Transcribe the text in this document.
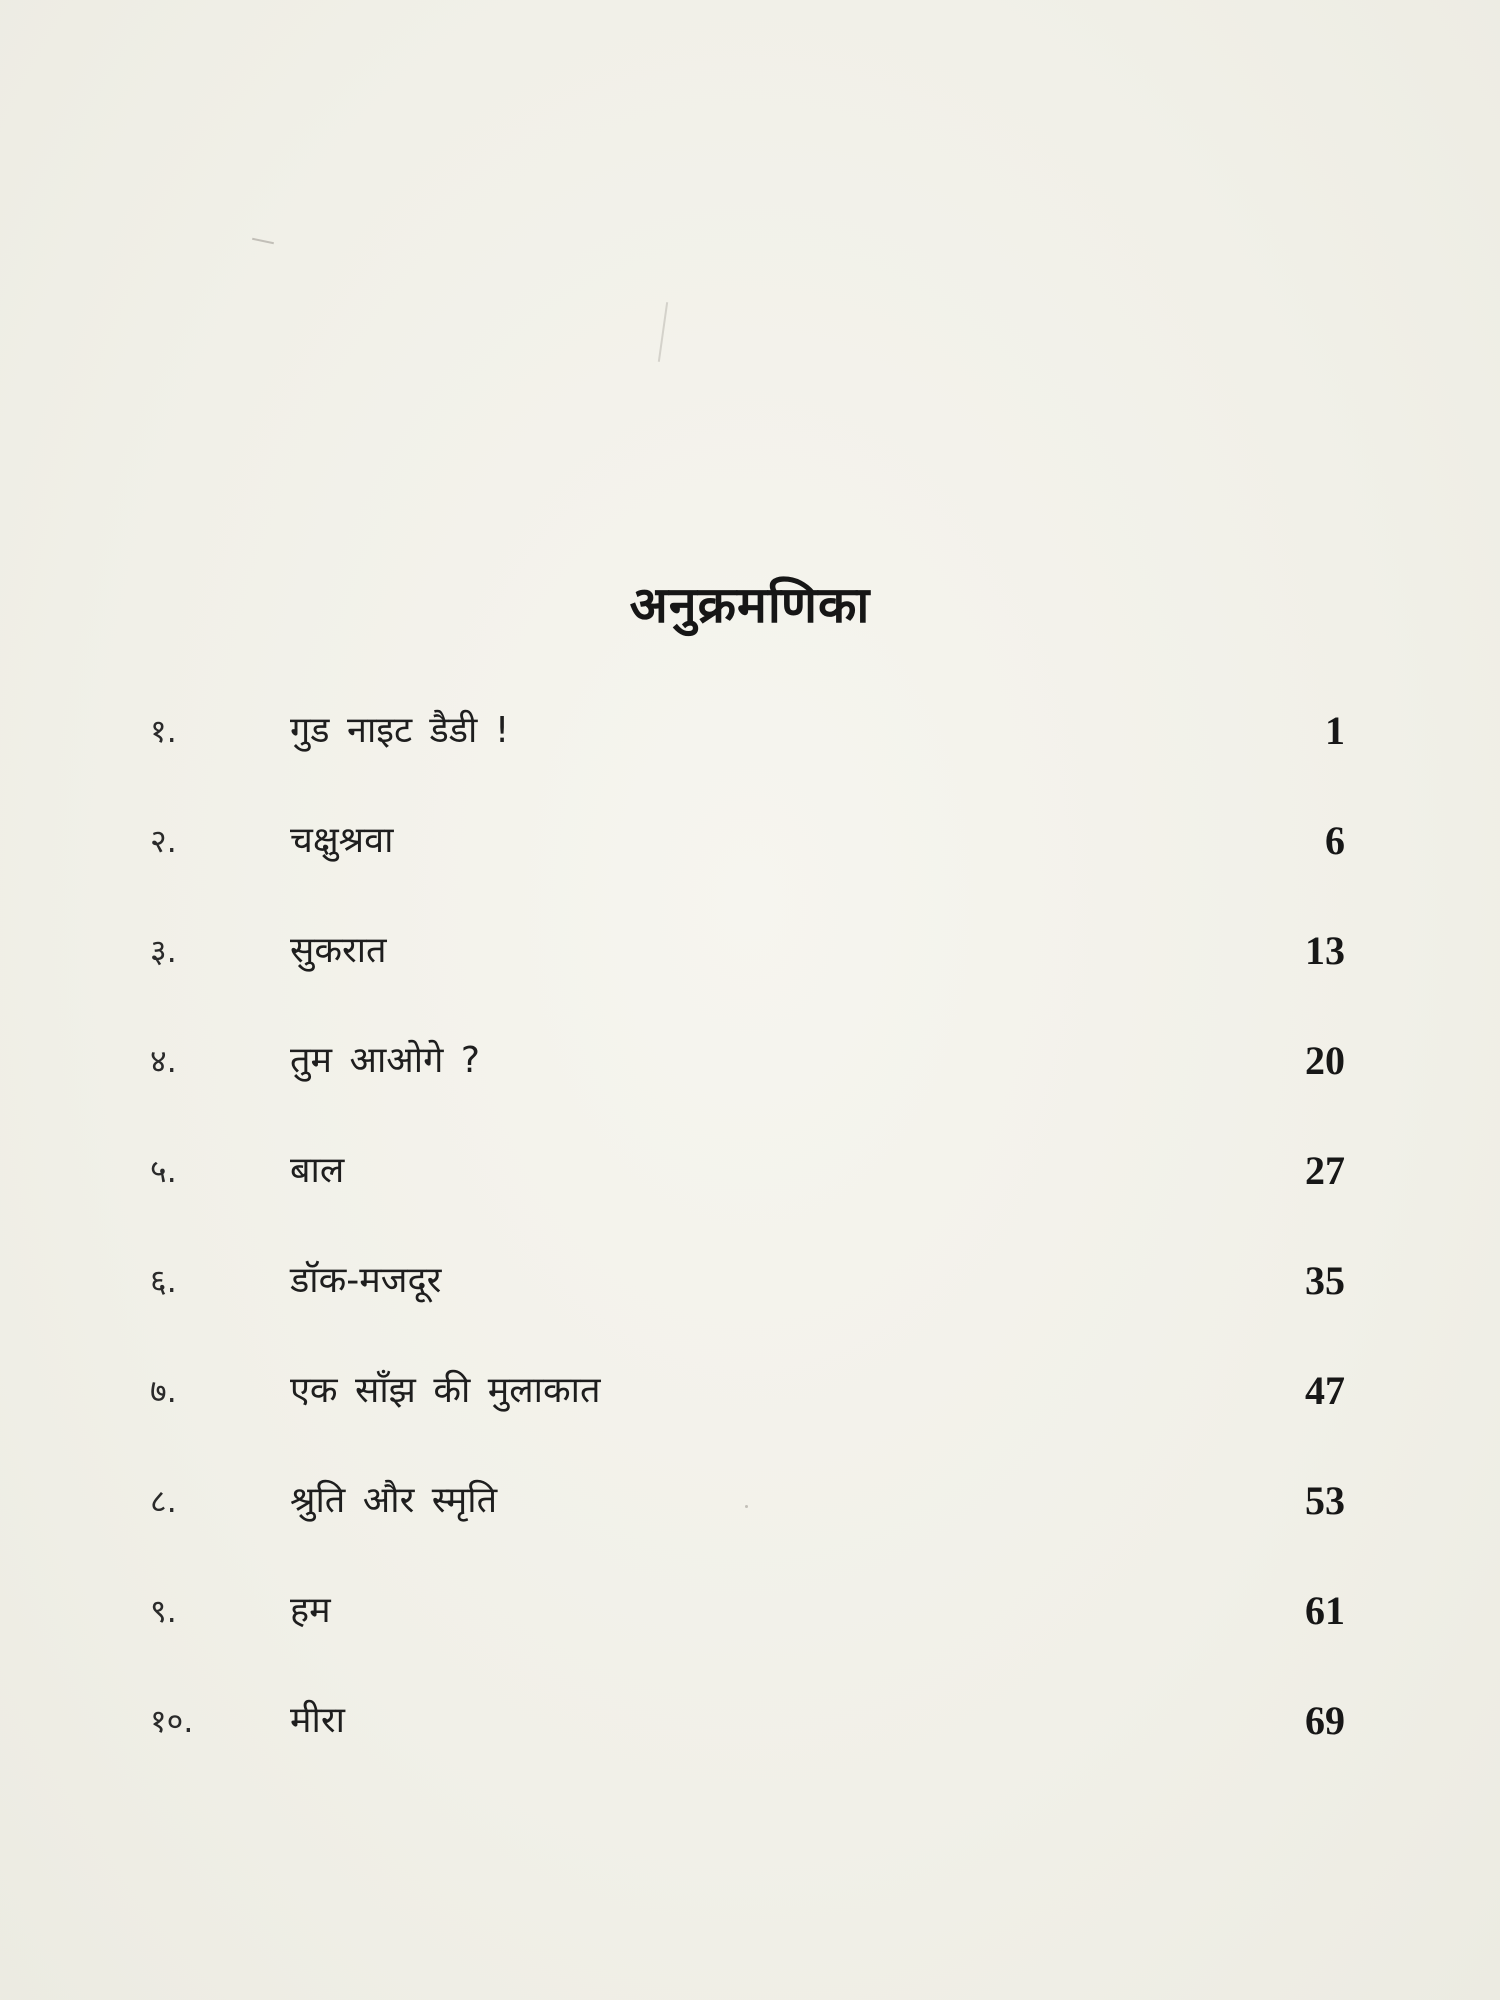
अनुक्रमणिका
१.	गुड नाइट डैडी !	1
२.	चक्षुश्रवा	6
३.	सुकरात	13
४.	तुम आओगे ?	20
५.	बाल	27
६.	डॉक-मजदूर	35
७.	एक साँझ की मुलाकात	47
८.	श्रुति और स्मृति	53
९.	हम	61
१०.	मीरा	69
